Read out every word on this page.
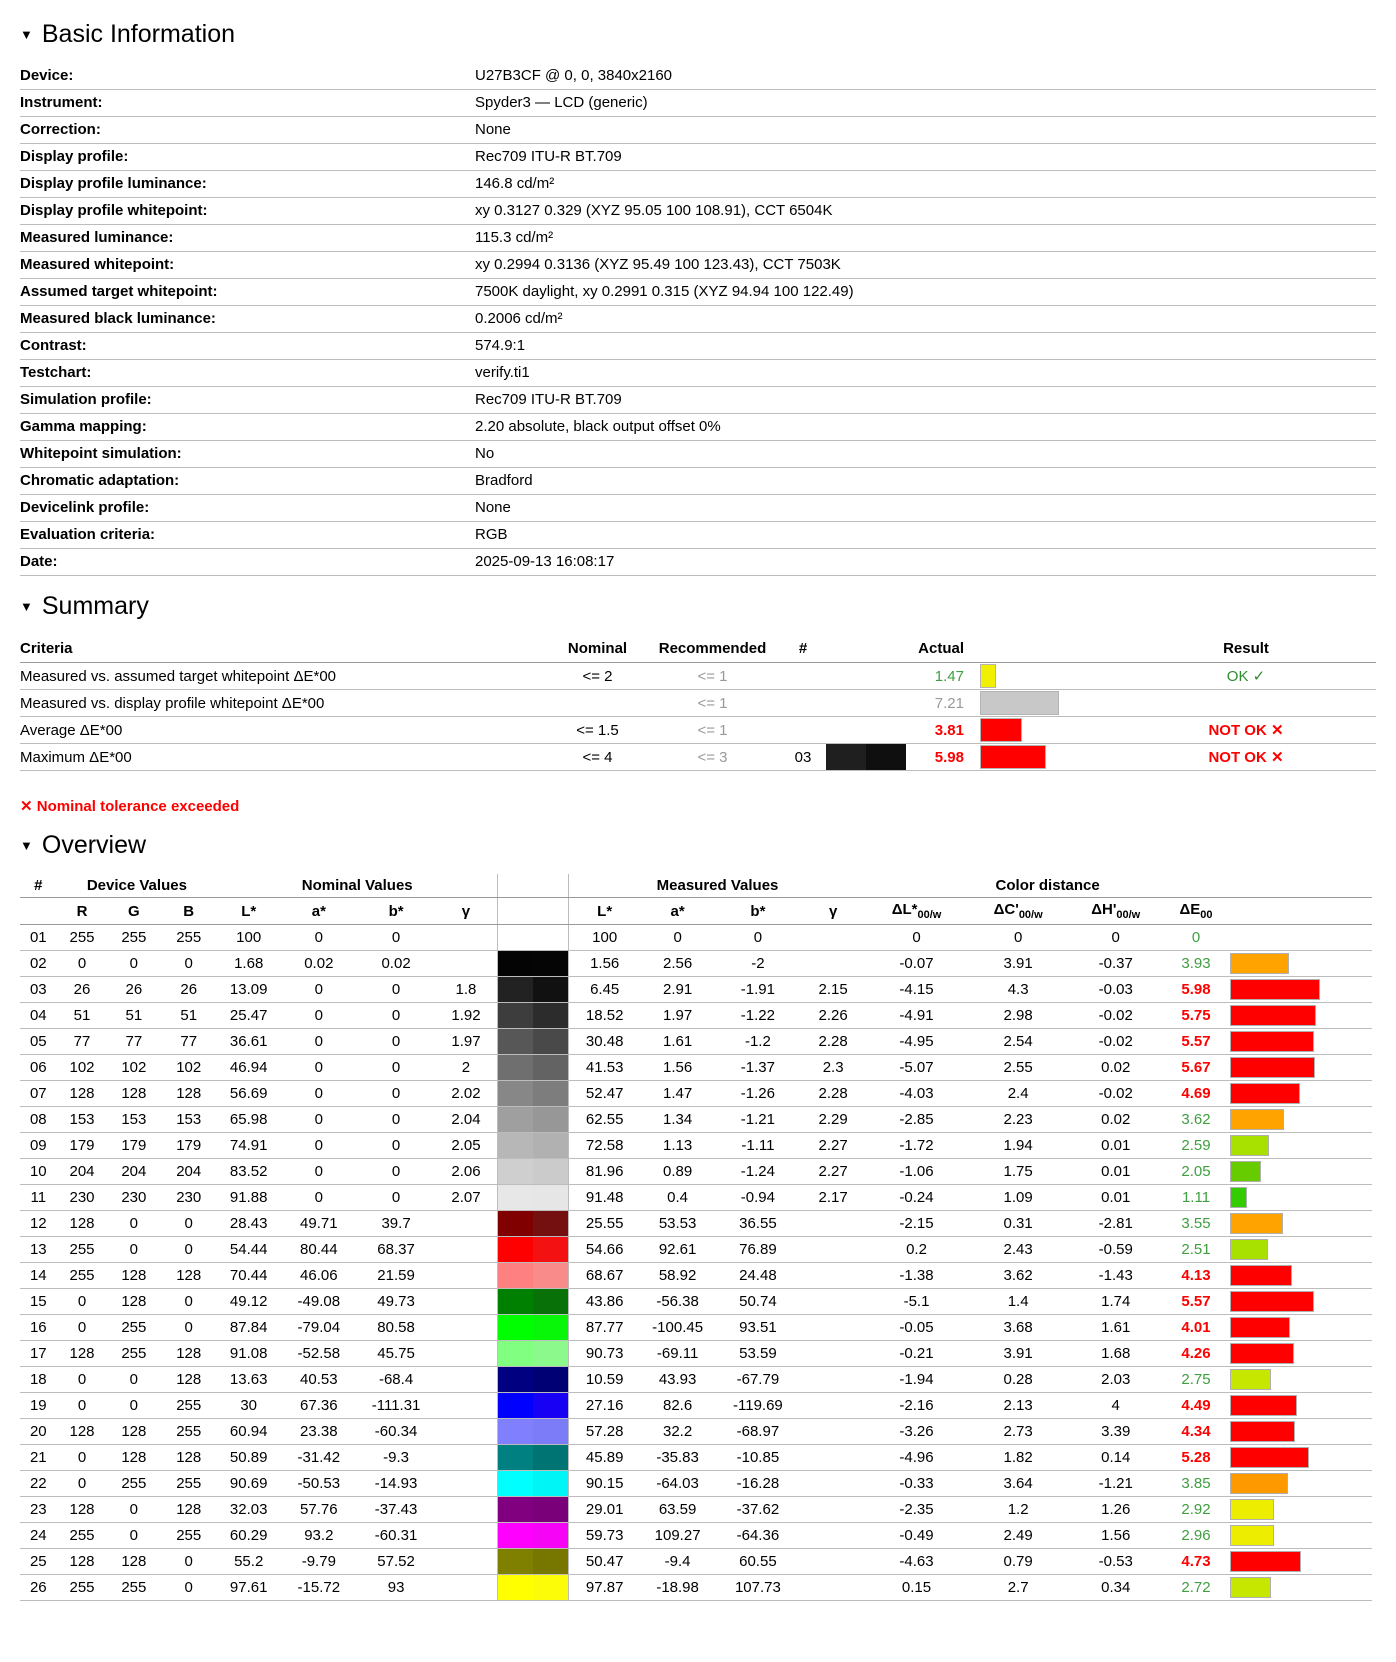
▼ Basic Information
Device:	U27B3CF @ 0, 0, 3840x2160
Instrument:	Spyder3 — LCD (generic)
Correction:	None
Display profile:	Rec709 ITU-R BT.709
Display profile luminance:	146.8 cd/m²
Display profile whitepoint:	xy 0.3127 0.329 (XYZ 95.05 100 108.91), CCT 6504K
Measured luminance:	115.3 cd/m²
Measured whitepoint:	xy 0.2994 0.3136 (XYZ 95.49 100 123.43), CCT 7503K
Assumed target whitepoint:	7500K daylight, xy 0.2991 0.315 (XYZ 94.94 100 122.49)
Measured black luminance:	0.2006 cd/m²
Contrast:	574.9:1
Testchart:	verify.ti1
Simulation profile:	Rec709 ITU-R BT.709
Gamma mapping:	2.20 absolute, black output offset 0%
Whitepoint simulation:	No
Chromatic adaptation:	Bradford
Devicelink profile:	None
Evaluation criteria:	RGB
Date:	2025-09-13 16:08:17
▼ Summary
Criteria	Nominal	Recommended	#		Actual		Result
Measured vs. assumed target whitepoint ΔE*00	<= 2	<= 1			1.47		OK ✓
Measured vs. display profile whitepoint ΔE*00		<= 1			7.21	

Average ΔE*00	<= 1.5	<= 1			3.81		NOT OK ✕
Maximum ΔE*00	<= 4	<= 3	03		5.98		NOT OK ✕
✕ Nominal tolerance exceeded
▼ Overview
#	Device Values			Nominal Values					Measured Values				Color distance				
	R	G	B	L*	a*	b*	γ		L*	a*	b*	γ	$\Delta L*_{00/w}$	$\Delta C'_{00/w}$	$\Delta H'_{00/w}$	$\Delta E_{00}$	
01	255	255	255	100	0	0			100	0	0		0	0	0	0	
02	0	0	0	1.68	0.02	0.02			1.56	2.56	-2		-0.07	3.91	-0.37	3.93	

03	26	26	26	13.09	0	0	1.8		6.45	2.91	-1.91	2.15	-4.15	4.3	-0.03	5.98	

04	51	51	51	25.47	0	0	1.92		18.52	1.97	-1.22	2.26	-4.91	2.98	-0.02	5.75	

05	77	77	77	36.61	0	0	1.97		30.48	1.61	-1.2	2.28	-4.95	2.54	-0.02	5.57	

06	102	102	102	46.94	0	0	2		41.53	1.56	-1.37	2.3	-5.07	2.55	0.02	5.67	

07	128	128	128	56.69	0	0	2.02		52.47	1.47	-1.26	2.28	-4.03	2.4	-0.02	4.69	

08	153	153	153	65.98	0	0	2.04		62.55	1.34	-1.21	2.29	-2.85	2.23	0.02	3.62	

09	179	179	179	74.91	0	0	2.05		72.58	1.13	-1.11	2.27	-1.72	1.94	0.01	2.59	

10	204	204	204	83.52	0	0	2.06		81.96	0.89	-1.24	2.27	-1.06	1.75	0.01	2.05	

11	230	230	230	91.88	0	0	2.07		91.48	0.4	-0.94	2.17	-0.24	1.09	0.01	1.11	

12	128	0	0	28.43	49.71	39.7			25.55	53.53	36.55		-2.15	0.31	-2.81	3.55	

13	255	0	0	54.44	80.44	68.37			54.66	92.61	76.89		0.2	2.43	-0.59	2.51	

14	255	128	128	70.44	46.06	21.59			68.67	58.92	24.48		-1.38	3.62	-1.43	4.13	

15	0	128	0	49.12	-49.08	49.73			43.86	-56.38	50.74		-5.1	1.4	1.74	5.57	

16	0	255	0	87.84	-79.04	80.58			87.77	-100.45	93.51		-0.05	3.68	1.61	4.01	

17	128	255	128	91.08	-52.58	45.75			90.73	-69.11	53.59		-0.21	3.91	1.68	4.26	

18	0	0	128	13.63	40.53	-68.4			10.59	43.93	-67.79		-1.94	0.28	2.03	2.75	

19	0	0	255	30	67.36	-111.31			27.16	82.6	-119.69		-2.16	2.13	4	4.49	

20	128	128	255	60.94	23.38	-60.34			57.28	32.2	-68.97		-3.26	2.73	3.39	4.34	

21	0	128	128	50.89	-31.42	-9.3			45.89	-35.83	-10.85		-4.96	1.82	0.14	5.28	

22	0	255	255	90.69	-50.53	-14.93			90.15	-64.03	-16.28		-0.33	3.64	-1.21	3.85	

23	128	0	128	32.03	57.76	-37.43			29.01	63.59	-37.62		-2.35	1.2	1.26	2.92	

24	255	0	255	60.29	93.2	-60.31			59.73	109.27	-64.36		-0.49	2.49	1.56	2.96	

25	128	128	0	55.2	-9.79	57.52			50.47	-9.4	60.55		-4.63	0.79	-0.53	4.73	

26	255	255	0	97.61	-15.72	93			97.87	-18.98	107.73		0.15	2.7	0.34	2.72	
